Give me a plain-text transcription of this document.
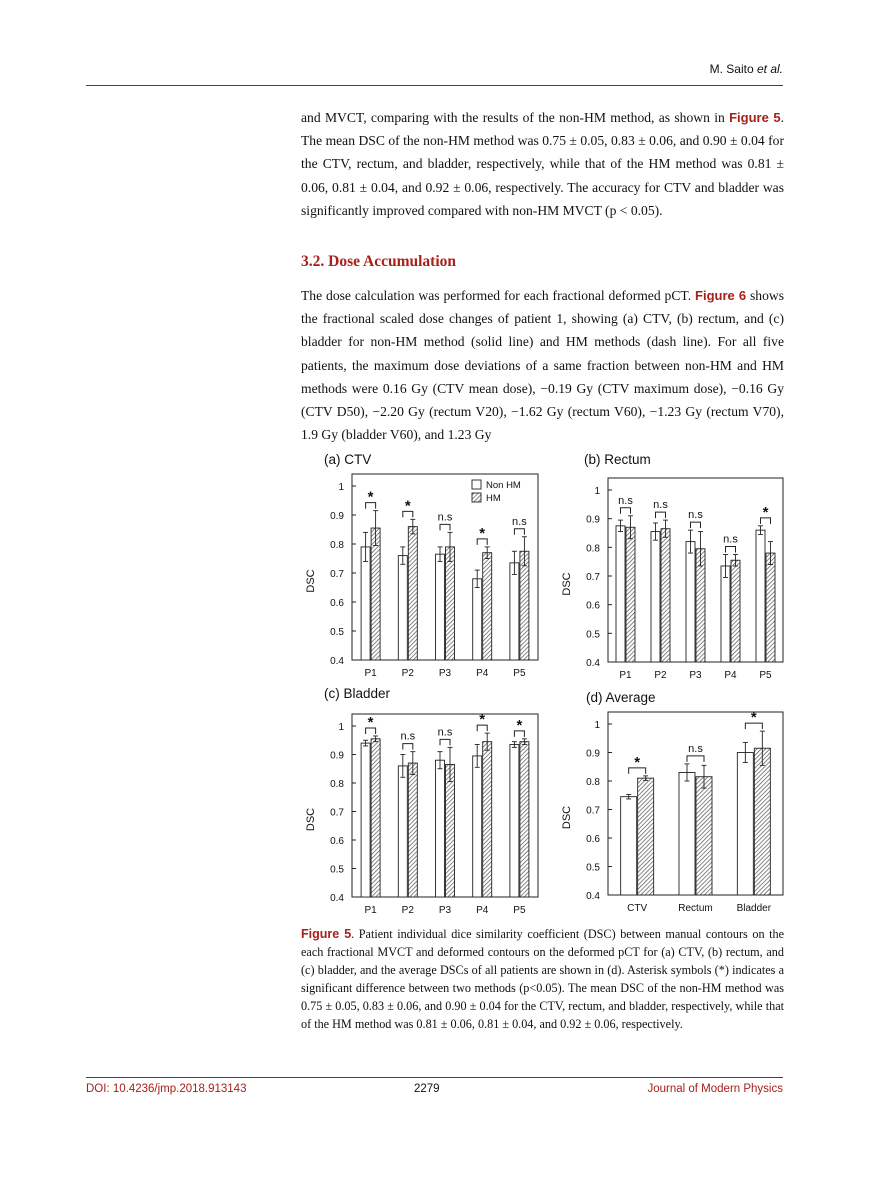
M. Saito et al.

and MVCT, comparing with the results of the non-HM method, as shown in Figure 5. The mean DSC of the non-HM method was 0.75 ± 0.05, 0.83 ± 0.06, and 0.90 ± 0.04 for the CTV, rectum, and bladder, respectively, while that of the HM method was 0.81 ± 0.06, 0.81 ± 0.04, and 0.92 ± 0.06, respectively. The accuracy for CTV and bladder was significantly improved compared with non-HM MVCT (p < 0.05).

3.2. Dose Accumulation

The dose calculation was performed for each fractional deformed pCT. Figure 6 shows the fractional scaled dose changes of patient 1, showing (a) CTV, (b) rectum, and (c) bladder for non-HM method (solid line) and HM methods (dash line). For all five patients, the maximum dose deviations of a same fraction between non-HM and HM methods were 0.16 Gy (CTV mean dose), −0.19 Gy (CTV maximum dose), −0.16 Gy (CTV D50), −2.20 Gy (rectum V20), −1.62 Gy (rectum V60), −1.23 Gy (rectum V70), 1.9 Gy (bladder V60), and 1.23 Gy

(a) CTV
0.4
0.5
0.6
0.7
0.8
0.9
1
DSC
P1
*
P2
*
P3
n.s
P4
*
P5
n.s
Non HM
HM
(b) Rectum
0.4
0.5
0.6
0.7
0.8
0.9
1
DSC
P1
n.s
P2
n.s
P3
n.s
P4
n.s
P5
*
(c) Bladder
0.4
0.5
0.6
0.7
0.8
0.9
1
DSC
P1
*
P2
n.s
P3
n.s
P4
*
P5
*
(d) Average
0.4
0.5
0.6
0.7
0.8
0.9
1
DSC
CTV
*
Rectum
n.s
Bladder
*

Figure 5. Patient individual dice similarity coefficient (DSC) between manual contours on the each fractional MVCT and deformed contours on the deformed pCT for (a) CTV, (b) rectum, and (c) bladder, and the average DSCs of all patients are shown in (d). Asterisk symbols (*) indicates a significant difference between two methods (p<0.05). The mean DSC of the non-HM method was 0.75 ± 0.05, 0.83 ± 0.06, and 0.90 ± 0.04 for the CTV, rectum, and bladder, respectively, while that of the HM method was 0.81 ± 0.06, 0.81 ± 0.04, and 0.92 ± 0.06, respectively.

DOI: 10.4236/jmp.2018.913143	2279	Journal of Modern Physics
